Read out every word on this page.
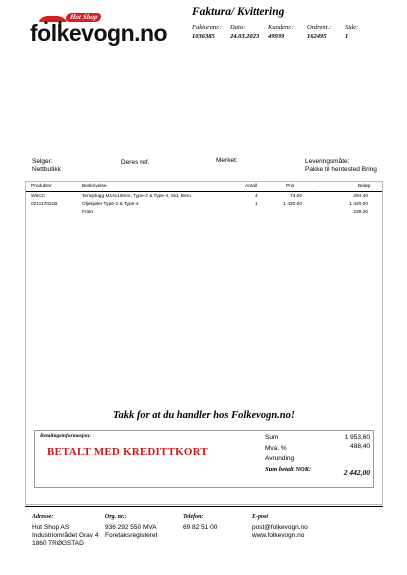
Hot Shop
folkevogn.no
Faktura/ Kvittering
Fakturanr.:
1036385
Dato:
24.03.2023
Kundenr.:
49939
Ordrent.:
162495
Side:
1
Selger:
Nettbutikk
Deres ref.	Merket:	Leveringsmåte:
Pakke til hentested Bring
Produktnr	Beskrivelse	Antall	Pris	.	Beløp
W8CC	Tennplugg M14x19mm, Type-2 & Type-4, Std, Beru	4	73,60	294,40
021117021B	Oljekjøler Type-2 & Type-4	1	1 420,00	1 420,00
Frakt	239,20
Takk for at du handler hos Folkevogn.no!
Betalingsinformasjon:
BETALT MED KREDITTKORT
Sum	1 953,60
Mva. %	488,40
Avrunding
Sum betalt NOK:	2 442,00
Adresse:
Hot Shop AS
Industriområdet Grav 4
1860 TRØGSTAD
Org. nr.:
936 292 550 MVA
Foretaksregisteret
Telefon:
69 82 51 00
E-post
post@folkevogn.no
www.folkevogn.no
